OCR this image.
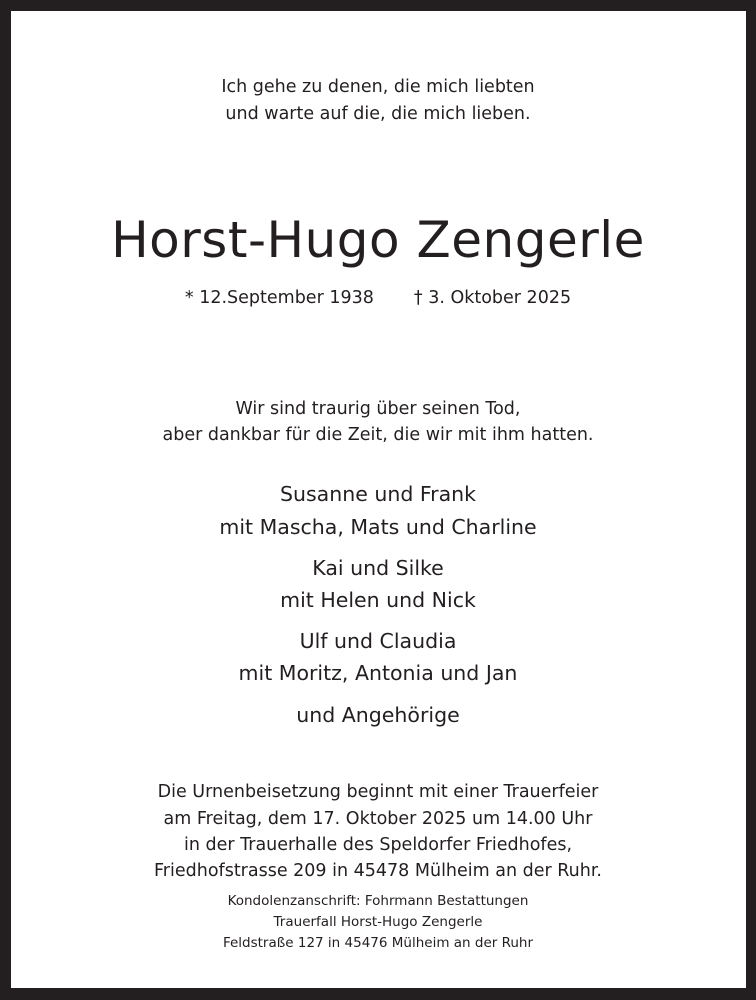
Ich gehe zu denen, die mich liebten
und warte auf die, die mich lieben.
Horst-Hugo Zengerle
* 12.September 1938 † 3. Oktober 2025
Wir sind traurig über seinen Tod,
aber dankbar für die Zeit, die wir mit ihm hatten.
Susanne und Frank
mit Mascha, Mats und Charline
Kai und Silke
mit Helen und Nick
Ulf und Claudia
mit Moritz, Antonia und Jan
und Angehörige
Die Urnenbeisetzung beginnt mit einer Trauerfeier
am Freitag, dem 17. Oktober 2025 um 14.00 Uhr
in der Trauerhalle des Speldorfer Friedhofes,
Friedhofstrasse 209 in 45478 Mülheim an der Ruhr.
Kondolenzanschrift: Fohrmann Bestattungen
Trauerfall Horst-Hugo Zengerle
Feldstraße 127 in 45476 Mülheim an der Ruhr
